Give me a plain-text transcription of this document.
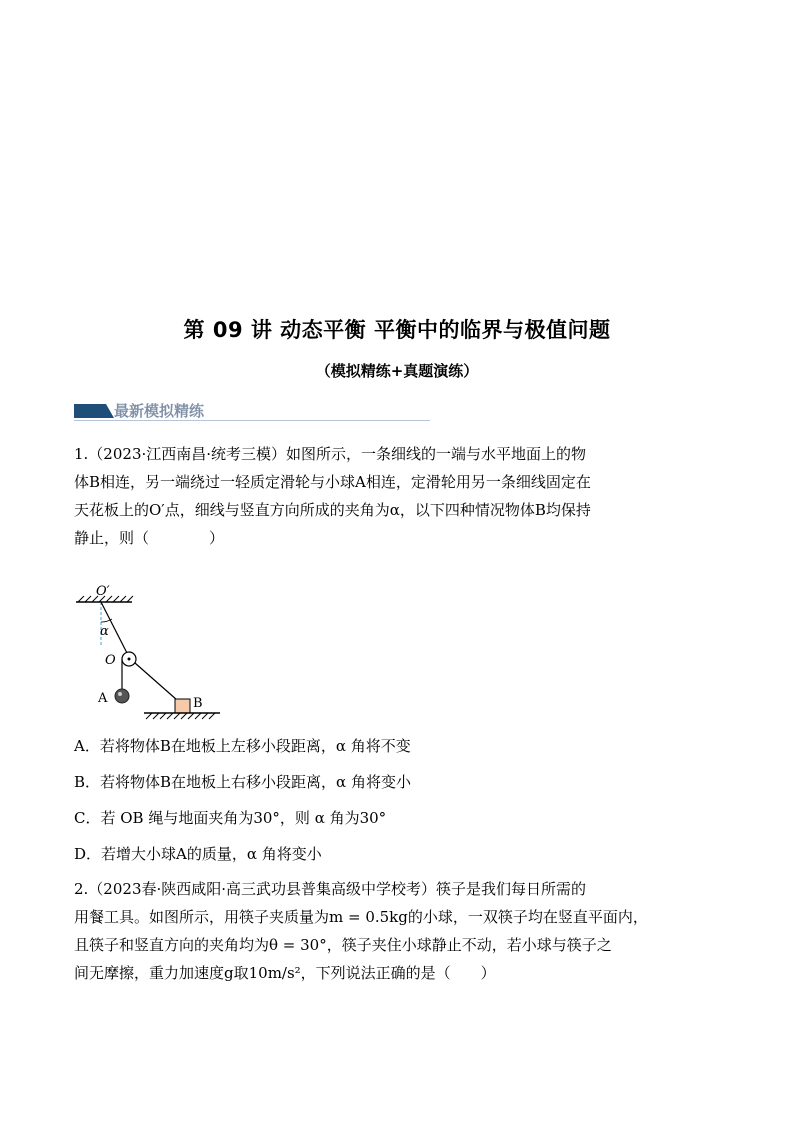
第 09 讲 动态平衡 平衡中的临界与极值问题
（模拟精练+真题演练）
最新模拟精练
1.（2023·江西南昌·统考三模）如图所示，一条细线的一端与水平地面上的物
体B相连，另一端绕过一轻质定滑轮与小球A相连，定滑轮用另一条细线固定在
天花板上的O′点，细线与竖直方向所成的夹角为α，以下四种情况物体B均保持
静止，则（　　　　）
O′
α
O
A	B
A．若将物体B在地板上左移小段距离，α 角将不变
B．若将物体B在地板上右移小段距离，α 角将变小
C．若 OB 绳与地面夹角为30°，则 α 角为30°
D．若增大小球A的质量，α 角将变小
2.（2023春·陕西咸阳·高三武功县普集高级中学校考）筷子是我们每日所需的
用餐工具。如图所示，用筷子夹质量为m = 0.5kg的小球，一双筷子均在竖直平面内，
且筷子和竖直方向的夹角均为θ = 30°，筷子夹住小球静止不动，若小球与筷子之
间无摩擦，重力加速度g取10m/s²，下列说法正确的是（　　）
